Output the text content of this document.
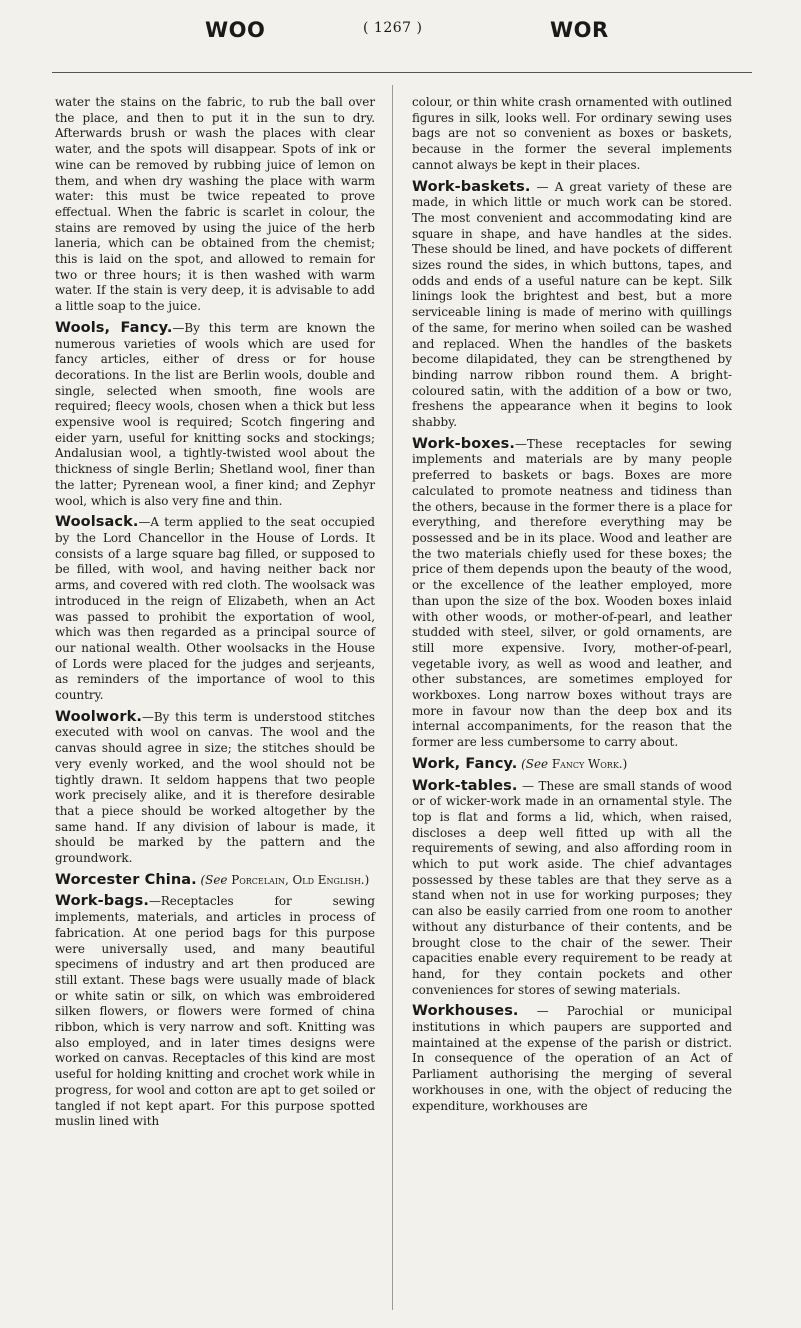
WOO	( 1267 )	WOR

water the stains on the fabric, to rub the ball over the place, and then to put it in the sun to dry. Afterwards brush or wash the places with clear water, and the spots will disappear. Spots of ink or wine can be removed by rubbing juice of lemon on them, and when dry washing the place with warm water: this must be twice repeated to prove effectual. When the fabric is scarlet in colour, the stains are removed by using the juice of the herb laneria, which can be obtained from the chemist; this is laid on the spot, and allowed to remain for two or three hours; it is then washed with warm water. If the stain is very deep, it is advisable to add a little soap to the juice.

Wools, Fancy.—By this term are known the numerous varieties of wools which are used for fancy articles, either of dress or for house decorations. In the list are Berlin wools, double and single, selected when smooth, fine wools are required; fleecy wools, chosen when a thick but less expensive wool is required; Scotch fingering and eider yarn, useful for knitting socks and stockings; Andalusian wool, a tightly-twisted wool about the thickness of single Berlin; Shetland wool, finer than the latter; Pyrenean wool, a finer kind; and Zephyr wool, which is also very fine and thin.

Woolsack.—A term applied to the seat occupied by the Lord Chancellor in the House of Lords. It consists of a large square bag filled, or supposed to be filled, with wool, and having neither back nor arms, and covered with red cloth. The woolsack was introduced in the reign of Elizabeth, when an Act was passed to prohibit the exportation of wool, which was then regarded as a principal source of our national wealth. Other woolsacks in the House of Lords were placed for the judges and serjeants, as reminders of the importance of wool to this country.

Woolwork.—By this term is understood stitches executed with wool on canvas. The wool and the canvas should agree in size; the stitches should be very evenly worked, and the wool should not be tightly drawn. It seldom happens that two people work precisely alike, and it is therefore desirable that a piece should be worked altogether by the same hand. If any division of labour is made, it should be marked by the pattern and the groundwork.

Worcester China. (See Porcelain, Old English.)

Work-bags.—Receptacles for sewing implements, materials, and articles in process of fabrication. At one period bags for this purpose were universally used, and many beautiful specimens of industry and art then produced are still extant. These bags were usually made of black or white satin or silk, on which was embroidered silken flowers, or flowers were formed of china ribbon, which is very narrow and soft. Knitting was also employed, and in later times designs were worked on canvas. Receptacles of this kind are most useful for holding knitting and crochet work while in progress, for wool and cotton are apt to get soiled or tangled if not kept apart. For this purpose spotted muslin lined with

colour, or thin white crash ornamented with outlined figures in silk, looks well. For ordinary sewing uses bags are not so convenient as boxes or baskets, because in the former the several implements cannot always be kept in their places.

Work-baskets. — A great variety of these are made, in which little or much work can be stored. The most convenient and accommodating kind are square in shape, and have handles at the sides. These should be lined, and have pockets of different sizes round the sides, in which buttons, tapes, and odds and ends of a useful nature can be kept. Silk linings look the brightest and best, but a more serviceable lining is made of merino with quillings of the same, for merino when soiled can be washed and replaced. When the handles of the baskets become dilapidated, they can be strengthened by binding narrow ribbon round them. A bright-coloured satin, with the addition of a bow or two, freshens the appearance when it begins to look shabby.

Work-boxes.—These receptacles for sewing implements and materials are by many people preferred to baskets or bags. Boxes are more calculated to promote neatness and tidiness than the others, because in the former there is a place for everything, and therefore everything may be possessed and be in its place. Wood and leather are the two materials chiefly used for these boxes; the price of them depends upon the beauty of the wood, or the excellence of the leather employed, more than upon the size of the box. Wooden boxes inlaid with other woods, or mother-of-pearl, and leather studded with steel, silver, or gold ornaments, are still more expensive. Ivory, mother-of-pearl, vegetable ivory, as well as wood and leather, and other substances, are sometimes employed for workboxes. Long narrow boxes without trays are more in favour now than the deep box and its internal accompaniments, for the reason that the former are less cumbersome to carry about.

Work, Fancy. (See Fancy Work.)

Work-tables. — These are small stands of wood or of wicker-work made in an ornamental style. The top is flat and forms a lid, which, when raised, discloses a deep well fitted up with all the requirements of sewing, and also affording room in which to put work aside. The chief advantages possessed by these tables are that they serve as a stand when not in use for working purposes; they can also be easily carried from one room to another without any disturbance of their contents, and be brought close to the chair of the sewer. Their capacities enable every requirement to be ready at hand, for they contain pockets and other conveniences for stores of sewing materials.

Workhouses. — Parochial or municipal institutions in which paupers are supported and maintained at the expense of the parish or district. In consequence of the operation of an Act of Parliament authorising the merging of several workhouses in one, with the object of reducing the expenditure, workhouses are
